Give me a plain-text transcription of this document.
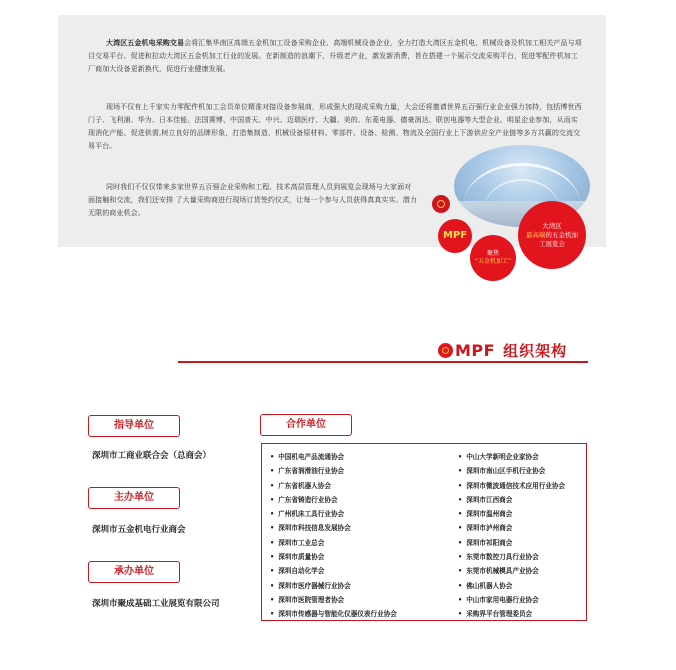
大湾区五金机电采购交易会将汇集华南区高端五金机加工设备采购企业、高端机械设备企业，全力打造大湾区五金机电、机械设备及机加工相关产品与项目交易平台。促进和拉动大湾区五金机加工行业的发展。在新制造的浪潮下，升级老产业，激发新消费，旨在搭建一个展示交流采购平台，促进零配件机加工厂商加大设备更新换代，促进行业健康发展。

现场不仅有上千家实力零配件机加工会员单位精准对接设备参展商，形成强大的现成采购力量，大会还将邀请世界五百强行业企业强力加持，包括博世西门子、飞利浦、华为、日本佳能、法国赛博、中国普天、中兴、迈瑞医疗、大疆、美的、东菱电器、德豪润达、联创电器等大型企业、明星企业参加，从而实现消化产能、促进供需,树立良好的品牌形象，打造集制造、机械设备原材料、零部件、设备、检测、物流及全国行业上下游供应全产业链等多方共赢的交流交易平台。

同时我们不仅仅带来多家世界五百强企业采购和工程、技术高层管理人员到展览会现场与大家面对面接触和交流，我们还安排 了大量采购商进行现场订货签约仪式，让每一个参与人员获得真真实实、潜力无限的商业机会。

MPF
聚焦
“五金机加工”
大湾区
最高端的五金机加
工展览会
MPF 组织架构
指导单位
深圳市工商业联合会（总商会）
主办单位
深圳市五金机电行业商会
承办单位
深圳市聚成基础工业展览有限公司
合作单位
• 中国机电产品流通协会
• 广东省润滑油行业协会
• 广东省机器人协会
• 广东省铸造行业协会
• 广州机床工具行业协会
• 深圳市科技信息发展协会
• 深圳市工业总会
• 深圳市质量协会
• 深圳自动化学会
• 深圳市医疗器械行业协会
• 深圳市医院管理者协会
• 深圳市传感器与智能化仪器仪表行业协会
• 中山大学新明企业家协会
• 深圳市南山区手机行业协会
• 深圳市微波通信技术应用行业协会
• 深圳市江西商会
• 深圳市温州商会
• 深圳市泸州商会
• 深圳市祁阳商会
• 东莞市数控刀具行业协会
• 东莞市机械模具产业协会
• 佛山机器人协会
• 中山市家用电器行业协会
• 采购界平台管理委员会
